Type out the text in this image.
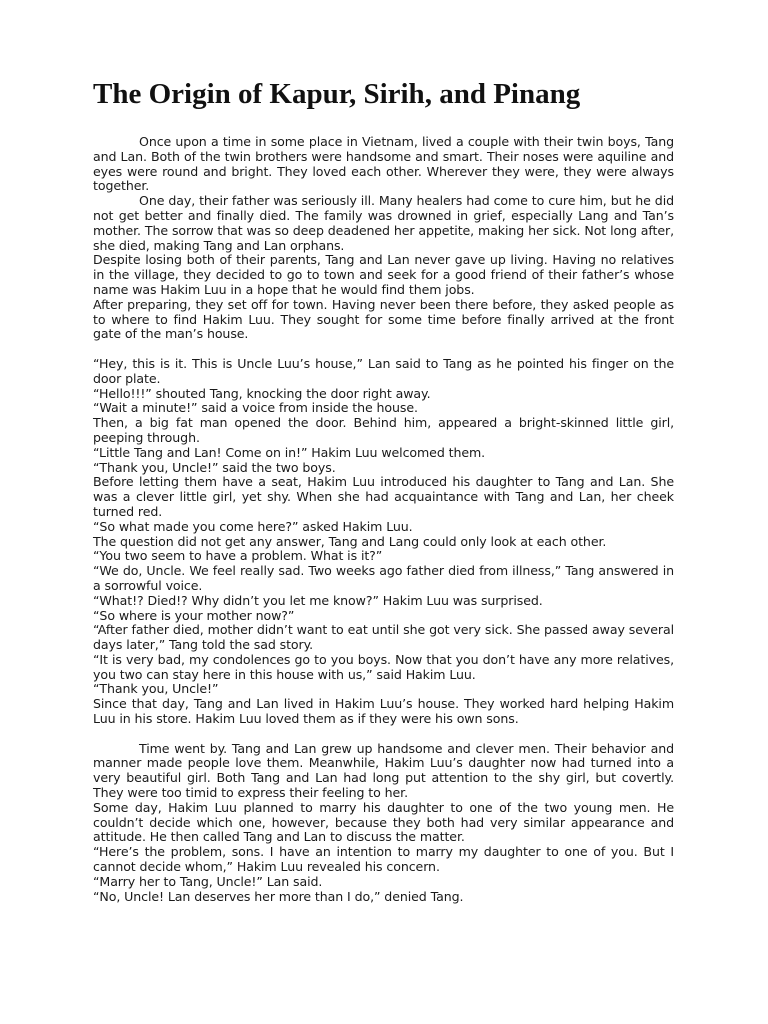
The Origin of Kapur, Sirih, and Pinang

Once upon a time in some place in Vietnam, lived a couple with their twin boys, Tang and Lan. Both of the twin brothers were handsome and smart. Their noses were aquiline and eyes were round and bright. They loved each other. Wherever they were, they were always together.

One day, their father was seriously ill. Many healers had come to cure him, but he did not get better and finally died. The family was drowned in grief, especially Lang and Tan’s mother. The sorrow that was so deep deadened her appetite, making her sick. Not long after, she died, making Tang and Lan orphans.

Despite losing both of their parents, Tang and Lan never gave up living. Having no relatives in the village, they decided to go to town and seek for a good friend of their father’s whose name was Hakim Luu in a hope that he would find them jobs.

After preparing, they set off for town. Having never been there before, they asked people as to where to find Hakim Luu. They sought for some time before finally arrived at the front gate of the man’s house.

“Hey, this is it. This is Uncle Luu’s house,” Lan said to Tang as he pointed his finger on the door plate.

“Hello!!!” shouted Tang, knocking the door right away.

“Wait a minute!” said a voice from inside the house.

Then, a big fat man opened the door. Behind him, appeared a bright-skinned little girl, peeping through.

“Little Tang and Lan! Come on in!” Hakim Luu welcomed them.

“Thank you, Uncle!” said the two boys.

Before letting them have a seat, Hakim Luu introduced his daughter to Tang and Lan. She was a clever little girl, yet shy. When she had acquaintance with Tang and Lan, her cheek turned red.

“So what made you come here?” asked Hakim Luu.

The question did not get any answer, Tang and Lang could only look at each other.

“You two seem to have a problem. What is it?”

“We do, Uncle. We feel really sad. Two weeks ago father died from illness,” Tang answered in a sorrowful voice.

“What!? Died!? Why didn’t you let me know?” Hakim Luu was surprised.

“So where is your mother now?”

“After father died, mother didn’t want to eat until she got very sick. She passed away several days later,” Tang told the sad story.

“It is very bad, my condolences go to you boys. Now that you don’t have any more relatives, you two can stay here in this house with us,” said Hakim Luu.

“Thank you, Uncle!”

Since that day, Tang and Lan lived in Hakim Luu’s house. They worked hard helping Hakim Luu in his store. Hakim Luu loved them as if they were his own sons.

Time went by. Tang and Lan grew up handsome and clever men. Their behavior and manner made people love them. Meanwhile, Hakim Luu’s daughter now had turned into a very beautiful girl. Both Tang and Lan had long put attention to the shy girl, but covertly. They were too timid to express their feeling to her.

Some day, Hakim Luu planned to marry his daughter to one of the two young men. He couldn’t decide which one, however, because they both had very similar appearance and attitude. He then called Tang and Lan to discuss the matter.

“Here’s the problem, sons. I have an intention to marry my daughter to one of you. But I cannot decide whom,” Hakim Luu revealed his concern.

“Marry her to Tang, Uncle!” Lan said.

“No, Uncle! Lan deserves her more than I do,” denied Tang.
